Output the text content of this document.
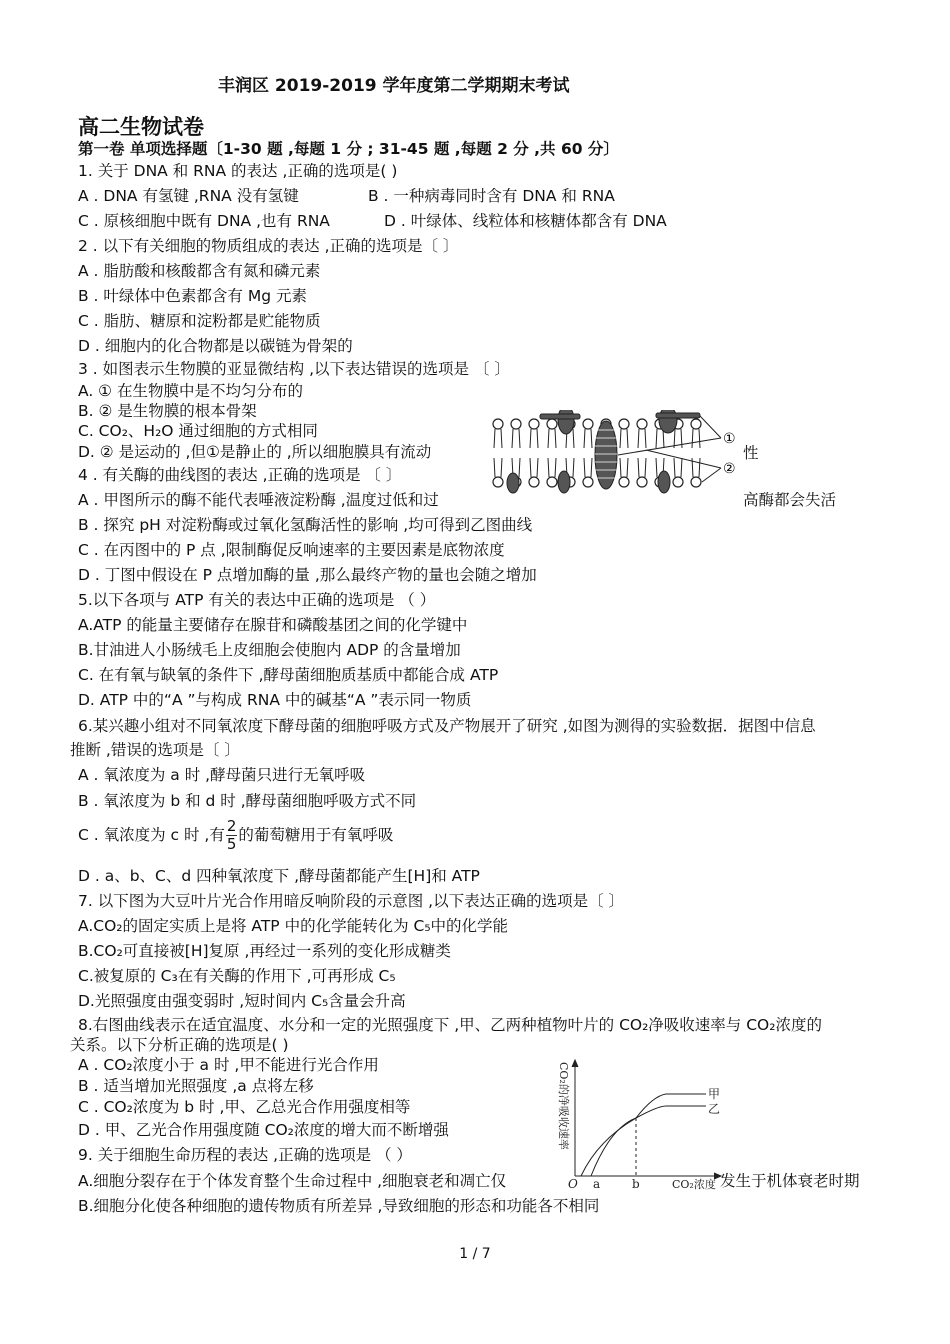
丰润区 2019-2019 学年度第二学期期末考试
高二生物试卷
第一卷 单项选择题〔1-30 题 ,每题 1 分 ; 31-45 题 ,每题 2 分 ,共 60 分〕
1. 关于 DNA 和 RNA 的表达 ,正确的选项是( )
A . DNA 有氢键 ,RNA 没有氢键	B . 一种病毒同时含有 DNA 和 RNA
C . 原核细胞中既有 DNA ,也有 RNA	D . 叶绿体、线粒体和核糖体都含有 DNA
2 . 以下有关细胞的物质组成的表达 ,正确的选项是〔 〕
A . 脂肪酸和核酸都含有氮和磷元素
B . 叶绿体中色素都含有 Mg 元素
C . 脂肪、糖原和淀粉都是贮能物质
D . 细胞内的化合物都是以碳链为骨架的
3 . 如图表示生物膜的亚显微结构 ,以下表达错误的选项是 〔 〕
A. ① 在生物膜中是不均匀分布的
B. ② 是生物膜的根本骨架
C. CO₂、H₂O 通过细胞的方式相同
D. ② 是运动的 ,但①是静止的 ,所以细胞膜具有流动	性
①
②
4 . 有关酶的曲线图的表达 ,正确的选项是 〔 〕
A . 甲图所示的酶不能代表唾液淀粉酶 ,温度过低和过	高酶都会失活
B . 探究 pH 对淀粉酶或过氧化氢酶活性的影响 ,均可得到乙图曲线
C . 在丙图中的 P 点 ,限制酶促反响速率的主要因素是底物浓度
D . 丁图中假设在 P 点增加酶的量 ,那么最终产物的量也会随之增加
5.以下各项与 ATP 有关的表达中正确的选项是 （ ）
A.ATP 的能量主要储存在腺苷和磷酸基团之间的化学键中
B.甘油进人小肠绒毛上皮细胞会使胞内 ADP 的含量增加
C. 在有氧与缺氧的条件下 ,酵母菌细胞质基质中都能合成 ATP
D. ATP 中的“A ”与构成 RNA 中的碱基“A ”表示同一物质
6.某兴趣小组对不同氧浓度下酵母菌的细胞呼吸方式及产物展开了研究 ,如图为测得的实验数据．据图中信息
推断 ,错误的选项是〔 〕
A . 氧浓度为 a 时 ,酵母菌只进行无氧呼吸
B . 氧浓度为 b 和 d 时 ,酵母菌细胞呼吸方式不同
C . 氧浓度为 c 时 ,有 $\frac{2}{5}$ 的葡萄糖用于有氧呼吸
D . a、b、C、d 四种氧浓度下 ,酵母菌都能产生[H]和 ATP
7. 以下图为大豆叶片光合作用暗反响阶段的示意图 ,以下表达正确的选项是〔 〕
A.CO₂的固定实质上是将 ATP 中的化学能转化为 C₅中的化学能
B.CO₂可直接被[H]复原 ,再经过一系列的变化形成糖类
C.被复原的 C₃在有关酶的作用下 ,可再形成 C₅
D.光照强度由强变弱时 ,短时间内 C₅含量会升高
8.右图曲线表示在适宜温度、水分和一定的光照强度下 ,甲、乙两种植物叶片的 CO₂净吸收速率与 CO₂浓度的
关系。以下分析正确的选项是( )
A . CO₂浓度小于 a 时 ,甲不能进行光合作用
B . 适当增加光照强度 ,a 点将左移
C . CO₂浓度为 b 时 ,甲、乙总光合作用强度相等
D . 甲、乙光合作用强度随 CO₂浓度的增大而不断增强	CO₂的净吸收速率	甲
乙
O a	b	CO₂浓度
9. 关于细胞生命历程的表达 ,正确的选项是 （ ）
A.细胞分裂存在于个体发育整个生命过程中 ,细胞衰老和凋亡仅	发生于机体衰老时期
B.细胞分化使各种细胞的遗传物质有所差异 ,导致细胞的形态和功能各不相同
1 / 7
